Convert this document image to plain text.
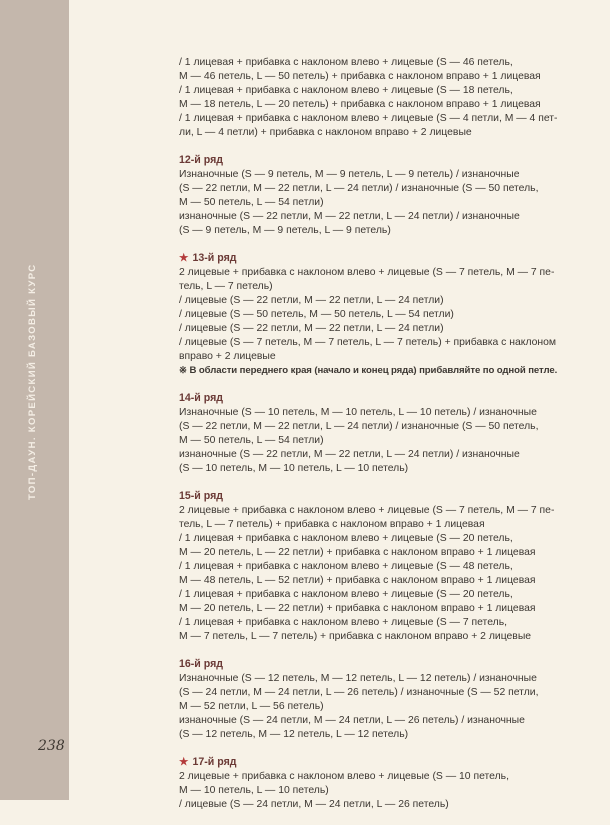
ТОП-ДАУН. КОРЕЙСКИЙ БАЗОВЫЙ КУРС
238
/ 1 лицевая + прибавка с наклоном влево + лицевые (S — 46 петель,
M — 46 петель, L — 50 петель) + прибавка с наклоном вправо + 1 лицевая
/ 1 лицевая + прибавка с наклоном влево + лицевые (S — 18 петель,
M — 18 петель, L — 20 петель) + прибавка с наклоном вправо + 1 лицевая
/ 1 лицевая + прибавка с наклоном влево + лицевые (S — 4 петли, M — 4 пет-
ли, L — 4 петли) + прибавка с наклоном вправо + 2 лицевые
12-й ряд
Изнаночные (S — 9 петель, M — 9 петель, L — 9 петель) / изнаночные
(S — 22 петли, M — 22 петли, L — 24 петли) / изнаночные (S — 50 петель,
M — 50 петель, L — 54 петли)
изнаночные (S — 22 петли, M — 22 петли, L — 24 петли) / изнаночные
(S — 9 петель, M — 9 петель, L — 9 петель)
★ 13-й ряд
2 лицевые + прибавка с наклоном влево + лицевые (S — 7 петель, M — 7 пе-
тель, L — 7 петель)
/ лицевые (S — 22 петли, M — 22 петли, L — 24 петли)
/ лицевые (S — 50 петель, M — 50 петель, L — 54 петли)
/ лицевые (S — 22 петли, M — 22 петли, L — 24 петли)
/ лицевые (S — 7 петель, M — 7 петель, L — 7 петель) + прибавка с наклоном
вправо + 2 лицевые
※ В области переднего края (начало и конец ряда) прибавляйте по одной петле.
14-й ряд
Изнаночные (S — 10 петель, M — 10 петель, L — 10 петель) / изнаночные
(S — 22 петли, M — 22 петли, L — 24 петли) / изнаночные (S — 50 петель,
M — 50 петель, L — 54 петли)
изнаночные (S — 22 петли, M — 22 петли, L — 24 петли) / изнаночные
(S — 10 петель, M — 10 петель, L — 10 петель)
15-й ряд
2 лицевые + прибавка с наклоном влево + лицевые (S — 7 петель, M — 7 пе-
тель, L — 7 петель) + прибавка с наклоном вправо + 1 лицевая
/ 1 лицевая + прибавка с наклоном влево + лицевые (S — 20 петель,
M — 20 петель, L — 22 петли) + прибавка с наклоном вправо + 1 лицевая
/ 1 лицевая + прибавка с наклоном влево + лицевые (S — 48 петель,
M — 48 петель, L — 52 петли) + прибавка с наклоном вправо + 1 лицевая
/ 1 лицевая + прибавка с наклоном влево + лицевые (S — 20 петель,
M — 20 петель, L — 22 петли) + прибавка с наклоном вправо + 1 лицевая
/ 1 лицевая + прибавка с наклоном влево + лицевые (S — 7 петель,
M — 7 петель, L — 7 петель) + прибавка с наклоном вправо + 2 лицевые
16-й ряд
Изнаночные (S — 12 петель, M — 12 петель, L — 12 петель) / изнаночные
(S — 24 петли, M — 24 петли, L — 26 петель) / изнаночные (S — 52 петли,
M — 52 петли, L — 56 петель)
изнаночные (S — 24 петли, M — 24 петли, L — 26 петель) / изнаночные
(S — 12 петель, M — 12 петель, L — 12 петель)
★ 17-й ряд
2 лицевые + прибавка с наклоном влево + лицевые (S — 10 петель,
M — 10 петель, L — 10 петель)
/ лицевые (S — 24 петли, M — 24 петли, L — 26 петель)
